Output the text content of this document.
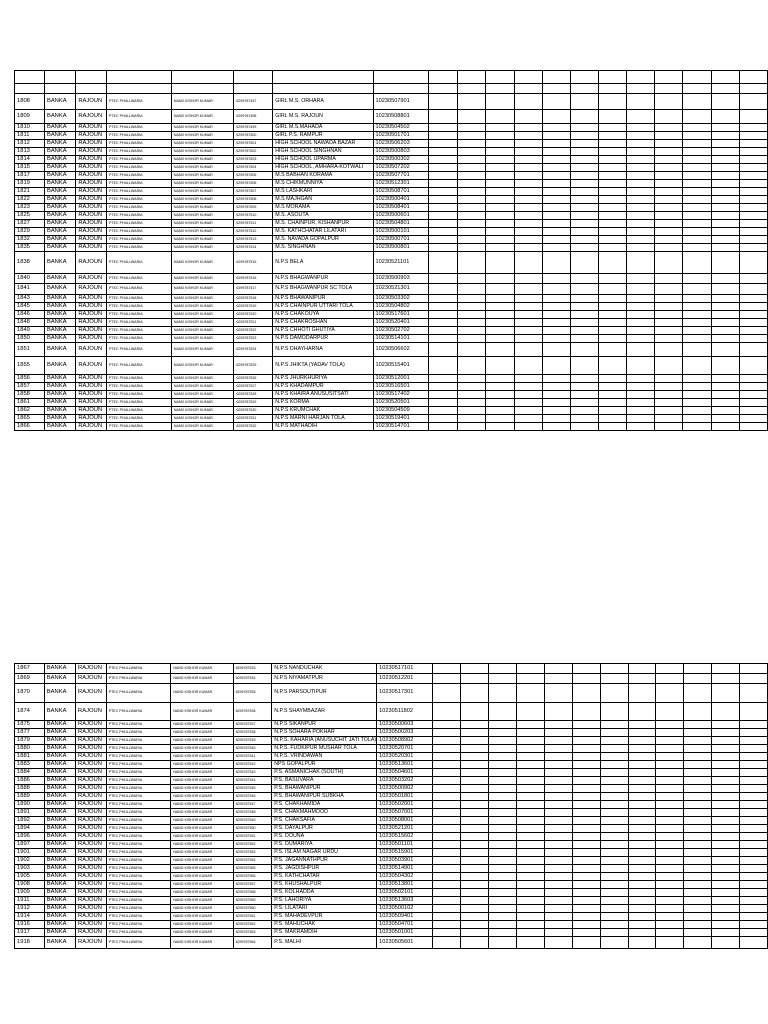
1808	BANKA	RAJOUN	PTEC PHULLWARIA	NAND KISHOR KUMAR	6299787497	GIRL M.S. ORHARA	10230507901												
1809	BANKA	RAJOUN	PTEC PHULLWARIA	NAND KISHOR KUMAR	6299787498	GIRL M.S. RAJOUN	10230508801												
1810	BANKA	RAJOUN	PTEC PHULLWARIA	NAND KISHOR KUMAR	6299787499	GIRL M.S.MAHADA	10230504502												
1811	BANKA	RAJOUN	PTEC PHULLWARIA	NAND KISHOR KUMAR	6299787500	GIRL P.S. RAMPUR	10230501701												
1812	BANKA	RAJOUN	PTEC PHULLWARIA	NAND KISHOR KUMAR	6299787501	HIGH SCHOOL NAWADA BAZAR	10230506203												
1813	BANKA	RAJOUN	PTEC PHULLWARIA	NAND KISHOR KUMAR	6299787502	HIGH SCHOOL SINGHNAN	10230500803												
1814	BANKA	RAJOUN	PTEC PHULLWARIA	NAND KISHOR KUMAR	6299787503	HIGH SCHOOL UPARMA	10230500302												
1815	BANKA	RAJOUN	PTEC PHULLWARIA	NAND KISHOR KUMAR	6299787504	HIGH SCHOOL, AMHARA-KOTWALI	10230507202												
1817	BANKA	RAJOUN	PTEC PHULLWARIA	NAND KISHOR KUMAR	6299787505	M.S BABHAN KORAMA	10230507701												
1819	BANKA	RAJOUN	PTEC PHULLWARIA	NAND KISHOR KUMAR	6299787506	M.S CHIKMUNNIYA	10230512301												
1821	BANKA	RAJOUN	PTEC PHULLWARIA	NAND KISHOR KUMAR	6299787507	M.S LASHKARI	10230508701												
1822	BANKA	RAJOUN	PTEC PHULLWARIA	NAND KISHOR KUMAR	6299787508	M.S MAJHGAN	10230500401												
1823	BANKA	RAJOUN	PTEC PHULLWARIA	NAND KISHOR KUMAR	6299787509	M.S MORAMA	10230508401												
1825	BANKA	RAJOUN	PTEC PHULLWARIA	NAND KISHOR KUMAR	6299787510	M.S. ASOUTA	10230500601												
1827	BANKA	RAJOUN	PTEC PHULLWARIA	NAND KISHOR KUMAR	6299787511	M.S. CHAINPUR, KISHANPUR	10230504801												
1829	BANKA	RAJOUN	PTEC PHULLWARIA	NAND KISHOR KUMAR	6299787512	M.S. KATHCHATAR LILATARI	10230500101												
1832	BANKA	RAJOUN	PTEC PHULLWARIA	NAND KISHOR KUMAR	6299787513	M.S. NAVADA GOPALPUR	10230500701												
1835	BANKA	RAJOUN	PTEC PHULLWARIA	NAND KISHOR KUMAR	6299787514	M.S. SINGHNAN	10230500801												
1838	BANKA	RAJOUN	PTEC PHULLWARIA	NAND KISHOR KUMAR	6299787515	N.P.S BELA	10230521101												
1840	BANKA	RAJOUN	PTEC PHULLWARIA	NAND KISHOR KUMAR	6299787516	N.P.S BHAGWANPUR	10230500903												
1841	BANKA	RAJOUN	PTEC PHULLWARIA	NAND KISHOR KUMAR	6299787517	N.P.S BHAGWANPUR SC TOLA	10230521301												
1843	BANKA	RAJOUN	PTEC PHULLWARIA	NAND KISHOR KUMAR	6299787518	N.P.S BHAWANIPUR	10230503302												
1845	BANKA	RAJOUN	PTEC PHULLWARIA	NAND KISHOR KUMAR	6299787519	N.P.S CHAINPUR UTTARI TOLA	10230504802												
1846	BANKA	RAJOUN	PTEC PHULLWARIA	NAND KISHOR KUMAR	6299787520	N.P.S CHAKOUYA	10230517601												
1848	BANKA	RAJOUN	PTEC PHULLWARIA	NAND KISHOR KUMAR	6299787521	N.P.S CHAKROSHAN	10230520401												
1849	BANKA	RAJOUN	PTEC PHULLWARIA	NAND KISHOR KUMAR	6299787522	N.P.S CHHOTI GHUTIYA	10230502702												
1850	BANKA	RAJOUN	PTEC PHULLWARIA	NAND KISHOR KUMAR	6299787523	N.P.S DAMODARPUR	10230514101												
1851	BANKA	RAJOUN	PTEC PHULLWARIA	NAND KISHOR KUMAR	6299787524	N.P.S DHAYHARNA	10230506602												
1855	BANKA	RAJOUN	PTEC PHULLWARIA	NAND KISHOR KUMAR	6299787525	N.P.S JHIKTA (YADAV TOLA)	10230515401												
1856	BANKA	RAJOUN	PTEC PHULLWARIA	NAND KISHOR KUMAR	6299787526	N.P.S JHURKHURIYA	10230512001												
1857	BANKA	RAJOUN	PTEC PHULLWARIA	NAND KISHOR KUMAR	6299787527	N.P.S KHADAMPUR	10230516501												
1858	BANKA	RAJOUN	PTEC PHULLWARIA	NAND KISHOR KUMAR	6299787528	N.P.S KHAIRA ANUSUSITSATI	10230517402												
1861	BANKA	RAJOUN	PTEC PHULLWARIA	NAND KISHOR KUMAR	6299787529	N.P.S KORMA	10230520501												
1862	BANKA	RAJOUN	PTEC PHULLWARIA	NAND KISHOR KUMAR	6299787530	N.P.S KRUMCHAK	10230504509												
1865	BANKA	RAJOUN	PTEC PHULLWARIA	NAND KISHOR KUMAR	6299787531	N.P.S MARNI HARJAN TOLA	10230519401												
1866	BANKA	RAJOUN	PTEC PHULLWARIA	NAND KISHOR KUMAR	6299787532	N.P.S MATHADIH	10230514701												
1867	BANKA	RAJOUN	PTEC PHULLWARIA	NAND KISHOR KUMAR	6299787533	N.P.S NANDUCHAK	10230517101												
1869	BANKA	RAJOUN	PTEC PHULLWARIA	NAND KISHOR KUMAR	6299787534	N.P.S NIYAMATPUR	10230512201												
1870	BANKA	RAJOUN	PTEC PHULLWARIA	NAND KISHOR KUMAR	6299787535	N.P.S PARSOUTIPUR	10230517301												
1874	BANKA	RAJOUN	PTEC PHULLWARIA	NAND KISHOR KUMAR	6299787536	N.P.S SHAYMBAZAR	10230511802												
1875	BANKA	RAJOUN	PTEC PHULLWARIA	NAND KISHOR KUMAR	6299787537	N.P.S SIKANPUR	10230500603												
1877	BANKA	RAJOUN	PTEC PHULLWARIA	NAND KISHOR KUMAR	6299787538	N.P.S SOHARA POKHAR	10230500203												
1879	BANKA	RAJOUN	PTEC PHULLWARIA	NAND KISHOR KUMAR	6299787539	N.P.S. KAHARIA (ANUSUCHIT JATI TOLA)	10230508902												
1880	BANKA	RAJOUN	PTEC PHULLWARIA	NAND KISHOR KUMAR	6299787540	N.P.S. FUDKIPUR MUSHAR TOLA	10230520701												
1881	BANKA	RAJOUN	PTEC PHULLWARIA	NAND KISHOR KUMAR	6299787541	N.P.S. VRINDAWAN	10230520301												
1883	BANKA	RAJOUN	PTEC PHULLWARIA	NAND KISHOR KUMAR	6299787542	NPS GOPALPUR	10230513601												
1884	BANKA	RAJOUN	PTEC PHULLWARIA	NAND KISHOR KUMAR	6299787543	P.S. ASMANICHAK (SOUTH)	10230504601												
1886	BANKA	RAJOUN	PTEC PHULLWARIA	NAND KISHOR KUMAR	6299787544	P.S. BASUVARA	10230503202												
1888	BANKA	RAJOUN	PTEC PHULLWARIA	NAND KISHOR KUMAR	6299787545	P.S. BHAWANIPUR	10230500902												
1889	BANKA	RAJOUN	PTEC PHULLWARIA	NAND KISHOR KUMAR	6299787546	P.S. BHAWANIPUR SUBKHA	10230501801												
1890	BANKA	RAJOUN	PTEC PHULLWARIA	NAND KISHOR KUMAR	6299787547	P.S. CHAKHAMIDA	10230502001												
1891	BANKA	RAJOUN	PTEC PHULLWARIA	NAND KISHOR KUMAR	6299787548	P.S. CHAKMAHMOOD	10230507001												
1892	BANKA	RAJOUN	PTEC PHULLWARIA	NAND KISHOR KUMAR	6299787549	P.S. CHAKSAFIA	10230508001												
1894	BANKA	RAJOUN	PTEC PHULLWARIA	NAND KISHOR KUMAR	6299787550	P.S. DAYALPUR	10230521201												
1896	BANKA	RAJOUN	PTEC PHULLWARIA	NAND KISHOR KUMAR	6299787551	P.S. DOUNA	10230515602												
1897	BANKA	RAJOUN	PTEC PHULLWARIA	NAND KISHOR KUMAR	6299787552	P.S. DUMARIYA	10230501101												
1901	BANKA	RAJOUN	PTEC PHULLWARIA	NAND KISHOR KUMAR	6299787553	P.S. ISLAM NAGAR URDU	10230515901												
1902	BANKA	RAJOUN	PTEC PHULLWARIA	NAND KISHOR KUMAR	6299787554	P.S. JAGANNATHPUR	10230503901												
1903	BANKA	RAJOUN	PTEC PHULLWARIA	NAND KISHOR KUMAR	6299787555	P.S. JAGDISHPUR	10230514901												
1905	BANKA	RAJOUN	PTEC PHULLWARIA	NAND KISHOR KUMAR	6299787556	P.S. KATHCHATAR	10230504302												
1908	BANKA	RAJOUN	PTEC PHULLWARIA	NAND KISHOR KUMAR	6299787557	P.S. KHUSHALPUR	10230513801												
1909	BANKA	RAJOUN	PTEC PHULLWARIA	NAND KISHOR KUMAR	6299787558	P.S. KOLHADDA	10230502101												
1911	BANKA	RAJOUN	PTEC PHULLWARIA	NAND KISHOR KUMAR	6299787559	P.S. LAHORIYA	10230513603												
1912	BANKA	RAJOUN	PTEC PHULLWARIA	NAND KISHOR KUMAR	6299787560	P.S. LILATARI	10230500102												
1914	BANKA	RAJOUN	PTEC PHULLWARIA	NAND KISHOR KUMAR	6299787561	P.S. MAHADEVPUR	10230509401												
1916	BANKA	RAJOUN	PTEC PHULLWARIA	NAND KISHOR KUMAR	6299787562	P.S. MAHUCHAK	10230504701												
1917	BANKA	RAJOUN	PTEC PHULLWARIA	NAND KISHOR KUMAR	6299787563	P.S. MAKRAMDIH	10230501001												
1918	BANKA	RAJOUN	PTEC PHULLWARIA	NAND KISHOR KUMAR	6299787564	P.S. MALHI	10230505601												
